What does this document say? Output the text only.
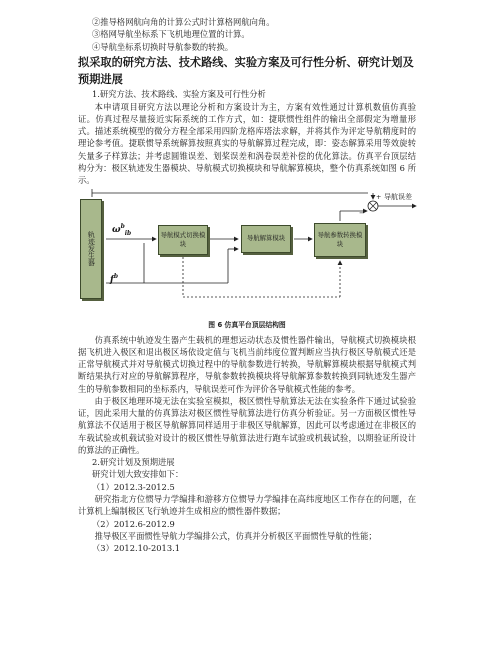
②推导格网航向角的计算公式时计算格网航向角。
③格网导航坐标系下飞机地理位置的计算。
④导航坐标系切换时导航参数的转换。
拟采取的研究方法、技术路线、实验方案及可行性分析、研究计划及预期进展
1.研究方法、技术路线、实验方案及可行性分析
本申请项目研究方法以理论分析和方案设计为主，方案有效性通过计算机数值仿真验证。仿真过程尽量接近实际系统的工作方式，如：捷联惯性组件的输出全部假定为增量形式。描述系统模型的微分方程全部采用四阶龙格库塔法求解，并将其作为评定导航精度时的理论参考值。捷联惯导系统解算按照真实的导航解算过程完成，即：姿态解算采用等效旋转矢量多子样算法；并考虑圆锥误差、划桨误差和涡卷误差补偿的优化算法。仿真平台顶层结构分为：极区轨迹发生器模块、导航模式切换模块和导航解算模块，整个仿真系统如图 6 所示。
轨迹发生器	导航模式切换模块
导航解算模块	导航参数转换模块
$\omega^b_{ib}$
$f^b$
−
+ 导航误差
图 6 仿真平台顶层结构图
仿真系统中轨迹发生器产生载机的理想运动状态及惯性器件输出，导航模式切换模块根据飞机进入极区和退出极区场依设定值与飞机当前纬度位置判断应当执行极区导航模式还是正常导航模式并对导航模式切换过程中的导航参数进行转换，导航解算模块根据导航模式判断结果执行对应的导航解算程序，导航参数转换模块将导航解算参数转换到同轨迹发生器产生的导航参数相同的坐标系内，导航误差可作为评价各导航模式性能的参考。
由于极区地理环境无法在实验室模拟，极区惯性导航算法无法在实验条件下通过试验验证，因此采用大量的仿真算法对极区惯性导航算法进行仿真分析验证。另一方面极区惯性导航算法不仅适用于极区导航解算同样适用于非极区导航解算，因此可以考虑通过在非极区的车载试验或机载试验对设计的极区惯性导航算法进行跑车试验或机载试验，以期验证所设计的算法的正确性。
2.研究计划及预期进展
研究计划大致安排如下：
（1）2012.3-2012.5
研究指北方位惯导力学编排和游移方位惯导力学编排在高纬度地区工作存在的问题，在计算机上编制极区飞行轨迹并生成相应的惯性器件数据；
（2）2012.6-2012.9
推导极区平面惯性导航力学编排公式，仿真并分析极区平面惯性导航的性能；
（3）2012.10-2013.1
